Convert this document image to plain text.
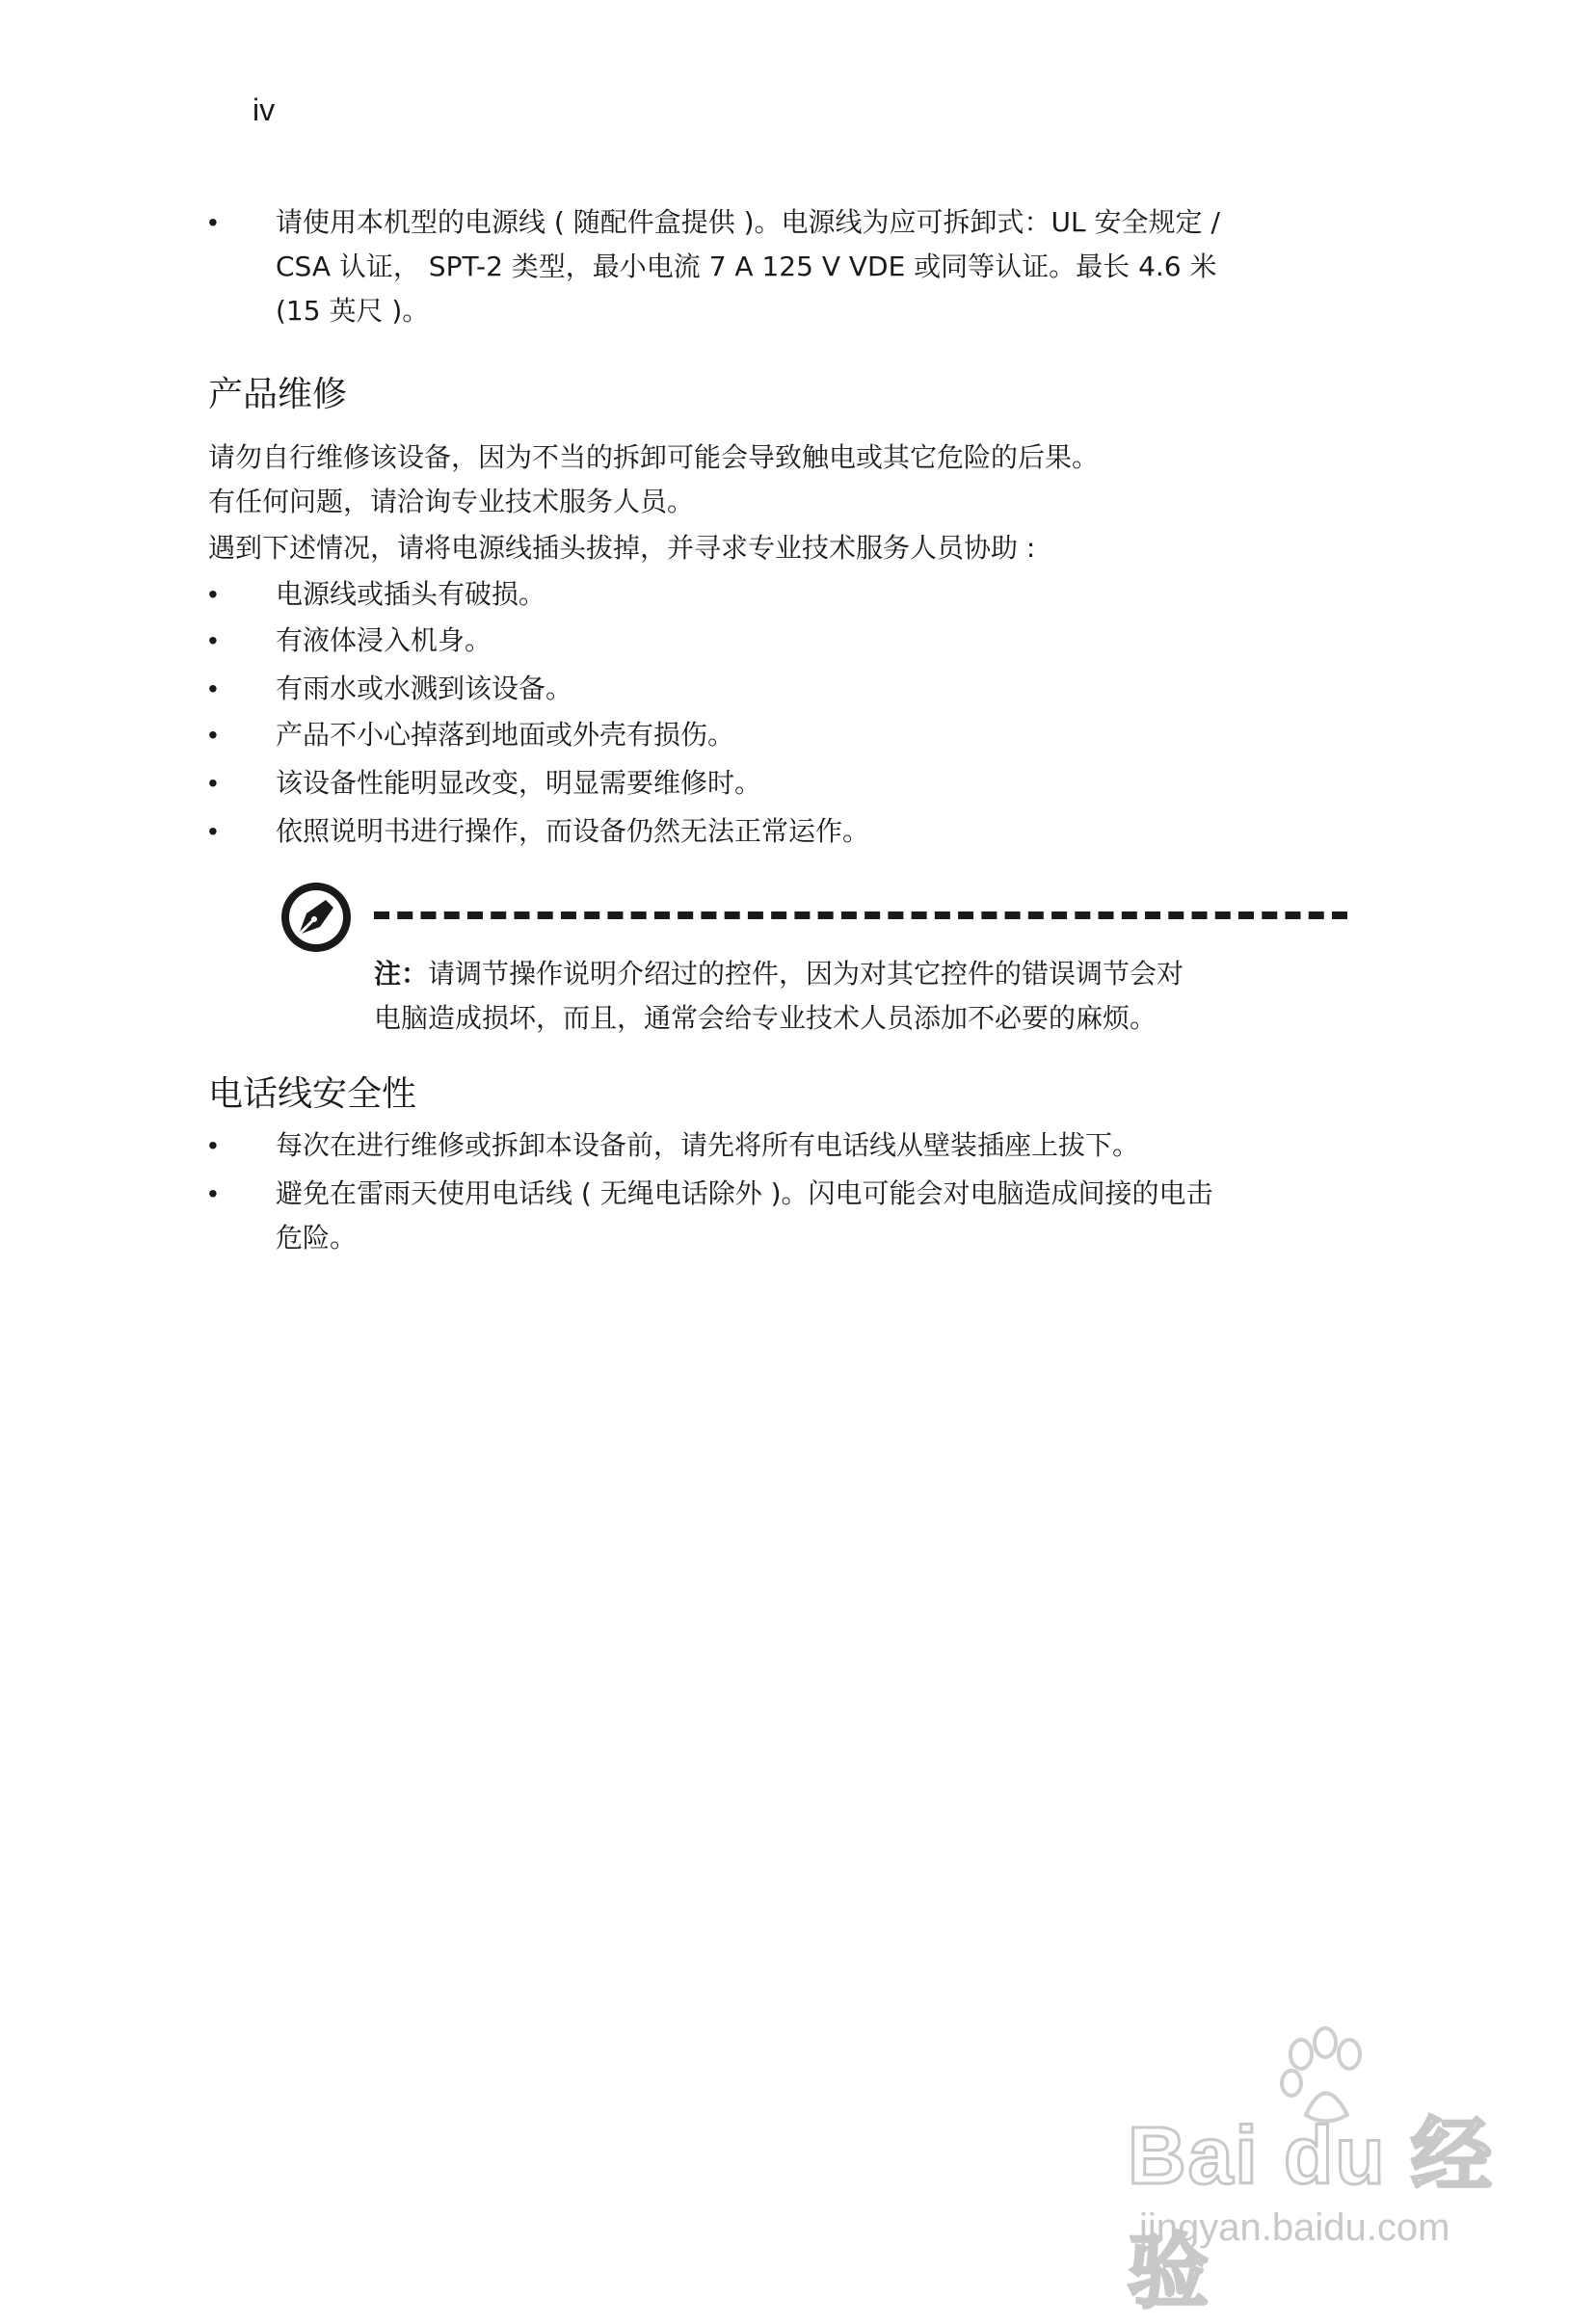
iv
• 请使用本机型的电源线 ( 随配件盒提供 )。电源线为应可拆卸式：UL 安全规定 /
CSA 认证， SPT-2 类型，最小电流 7 A 125 V VDE 或同等认证。最长 4.6 米
(15 英尺 )。
产品维修
请勿自行维修该设备，因为不当的拆卸可能会导致触电或其它危险的后果。
有任何问题，请洽询专业技术服务人员。
遇到下述情况，请将电源线插头拔掉，并寻求专业技术服务人员协助 :
• 电源线或插头有破损。
• 有液体浸入机身。
• 有雨水或水溅到该设备。
• 产品不小心掉落到地面或外壳有损伤。
• 该设备性能明显改变，明显需要维修时。
• 依照说明书进行操作，而设备仍然无法正常运作。
注：请调节操作说明介绍过的控件，因为对其它控件的错误调节会对
电脑造成损坏，而且，通常会给专业技术人员添加不必要的麻烦。
电话线安全性
• 每次在进行维修或拆卸本设备前，请先将所有电话线从壁装插座上拔下。
• 避免在雷雨天使用电话线 ( 无绳电话除外 )。闪电可能会对电脑造成间接的电击
危险。
Bai du 经验
jingyan.baidu.com
